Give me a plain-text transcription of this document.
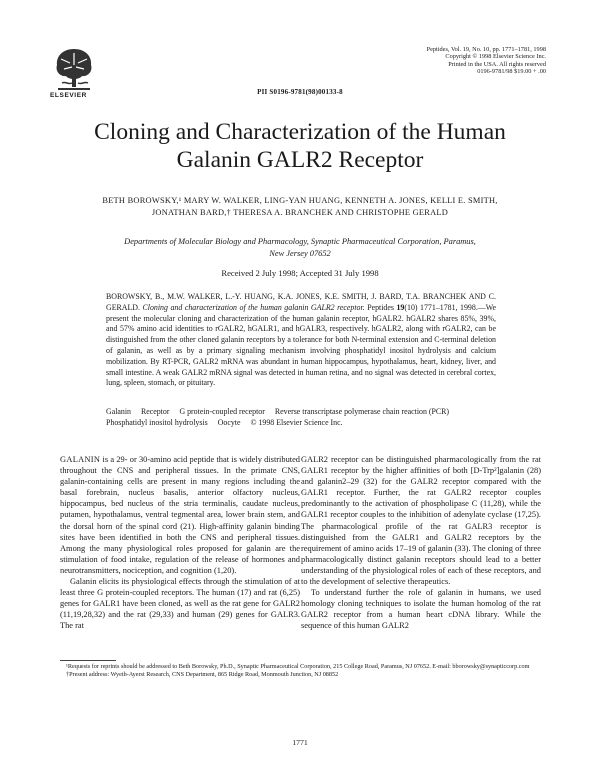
ELSEVIER
Peptides, Vol. 19, No. 10, pp. 1771–1781, 1998
Copyright © 1998 Elsevier Science Inc.
Printed in the USA. All rights reserved
0196-9781/98 $19.00 + .00
PII S0196-9781(98)00133-8
Cloning and Characterization of the Human
Galanin GALR2 Receptor
BETH BOROWSKY,¹ MARY W. WALKER, LING-YAN HUANG, KENNETH A. JONES, KELLI E. SMITH,
JONATHAN BARD,† THERESA A. BRANCHEK AND CHRISTOPHE GERALD
Departments of Molecular Biology and Pharmacology, Synaptic Pharmaceutical Corporation, Paramus,
New Jersey 07652
Received 2 July 1998; Accepted 31 July 1998
BOROWSKY, B., M.W. WALKER, L.-Y. HUANG, K.A. JONES, K.E. SMITH, J. BARD, T.A. BRANCHEK AND C. GERALD. Cloning and characterization of the human galanin GALR2 receptor. Peptides 19(10) 1771–1781, 1998.—We present the molecular cloning and characterization of the human galanin receptor, hGALR2. hGALR2 shares 85%, 39%, and 57% amino acid identities to rGALR2, hGALR1, and hGALR3, respectively. hGALR2, along with rGALR2, can be distinguished from the other cloned galanin receptors by a tolerance for both N-terminal extension and C-terminal deletion of galanin, as well as by a primary signaling mechanism involving phosphatidyl inositol hydrolysis and calcium mobilization. By RT-PCR, GALR2 mRNA was abundant in human hippocampus, hypothalamus, heart, kidney, liver, and small intestine. A weak GALR2 mRNA signal was detected in human retina, and no signal was detected in cerebral cortex, lung, spleen, stomach, or pituitary.
Galanin Receptor G protein-coupled receptor Reverse transcriptase polymerase chain reaction (PCR)
Phosphatidyl inositol hydrolysis Oocyte © 1998 Elsevier Science Inc.

GALANIN is a 29- or 30-amino acid peptide that is widely distributed throughout the CNS and peripheral tissues. In the primate CNS, galanin-containing cells are present in many regions including the basal forebrain, nucleus basalis, anterior olfactory nucleus, hippocampus, bed nucleus of the stria terminalis, caudate nucleus, putamen, hypothalamus, ventral tegmental area, lower brain stem, and the dorsal horn of the spinal cord (21). High-affinity galanin binding sites have been identified in both the CNS and peripheral tissues. Among the many physiological roles proposed for galanin are the stimulation of food intake, regulation of the release of hormones and neurotransmitters, nociception, and cognition (1,20).

Galanin elicits its physiological effects through the stimulation of at least three G protein-coupled receptors. The human (17) and rat (6,25) genes for GALR1 have been cloned, as well as the rat gene for GALR2 (11,19,28,32) and the rat (29,33) and human (29) genes for GALR3. The rat

GALR2 receptor can be distinguished pharmacologically from the rat GALR1 receptor by the higher affinities of both [D-Trp²]galanin (28) and galanin2–29 (32) for the GALR2 receptor compared with the GALR1 receptor. Further, the rat GALR2 receptor couples predominantly to the activation of phospholipase C (11,28), while the GALR1 receptor couples to the inhibition of adenylate cyclase (17,25). The pharmacological profile of the rat GALR3 receptor is distinguished from the GALR1 and GALR2 receptors by the requirement of amino acids 17–19 of galanin (33). The cloning of three pharmacologically distinct galanin receptors should lead to a better understanding of the physiological roles of each of these receptors, and to the development of selective therapeutics.

To understand further the role of galanin in humans, we used homology cloning techniques to isolate the human homolog of the rat GALR2 receptor from a human heart cDNA library. While the sequence of this human GALR2

¹Requests for reprints should be addressed to Beth Borowsky, Ph.D., Synaptic Pharmaceutical Corporation, 215 College Road, Paramus, NJ 07652. E-mail: bborowsky@synapticcorp.com

†Present address: Wyeth-Ayerst Research, CNS Department, 865 Ridge Road, Monmouth Junction, NJ 08852

1771
